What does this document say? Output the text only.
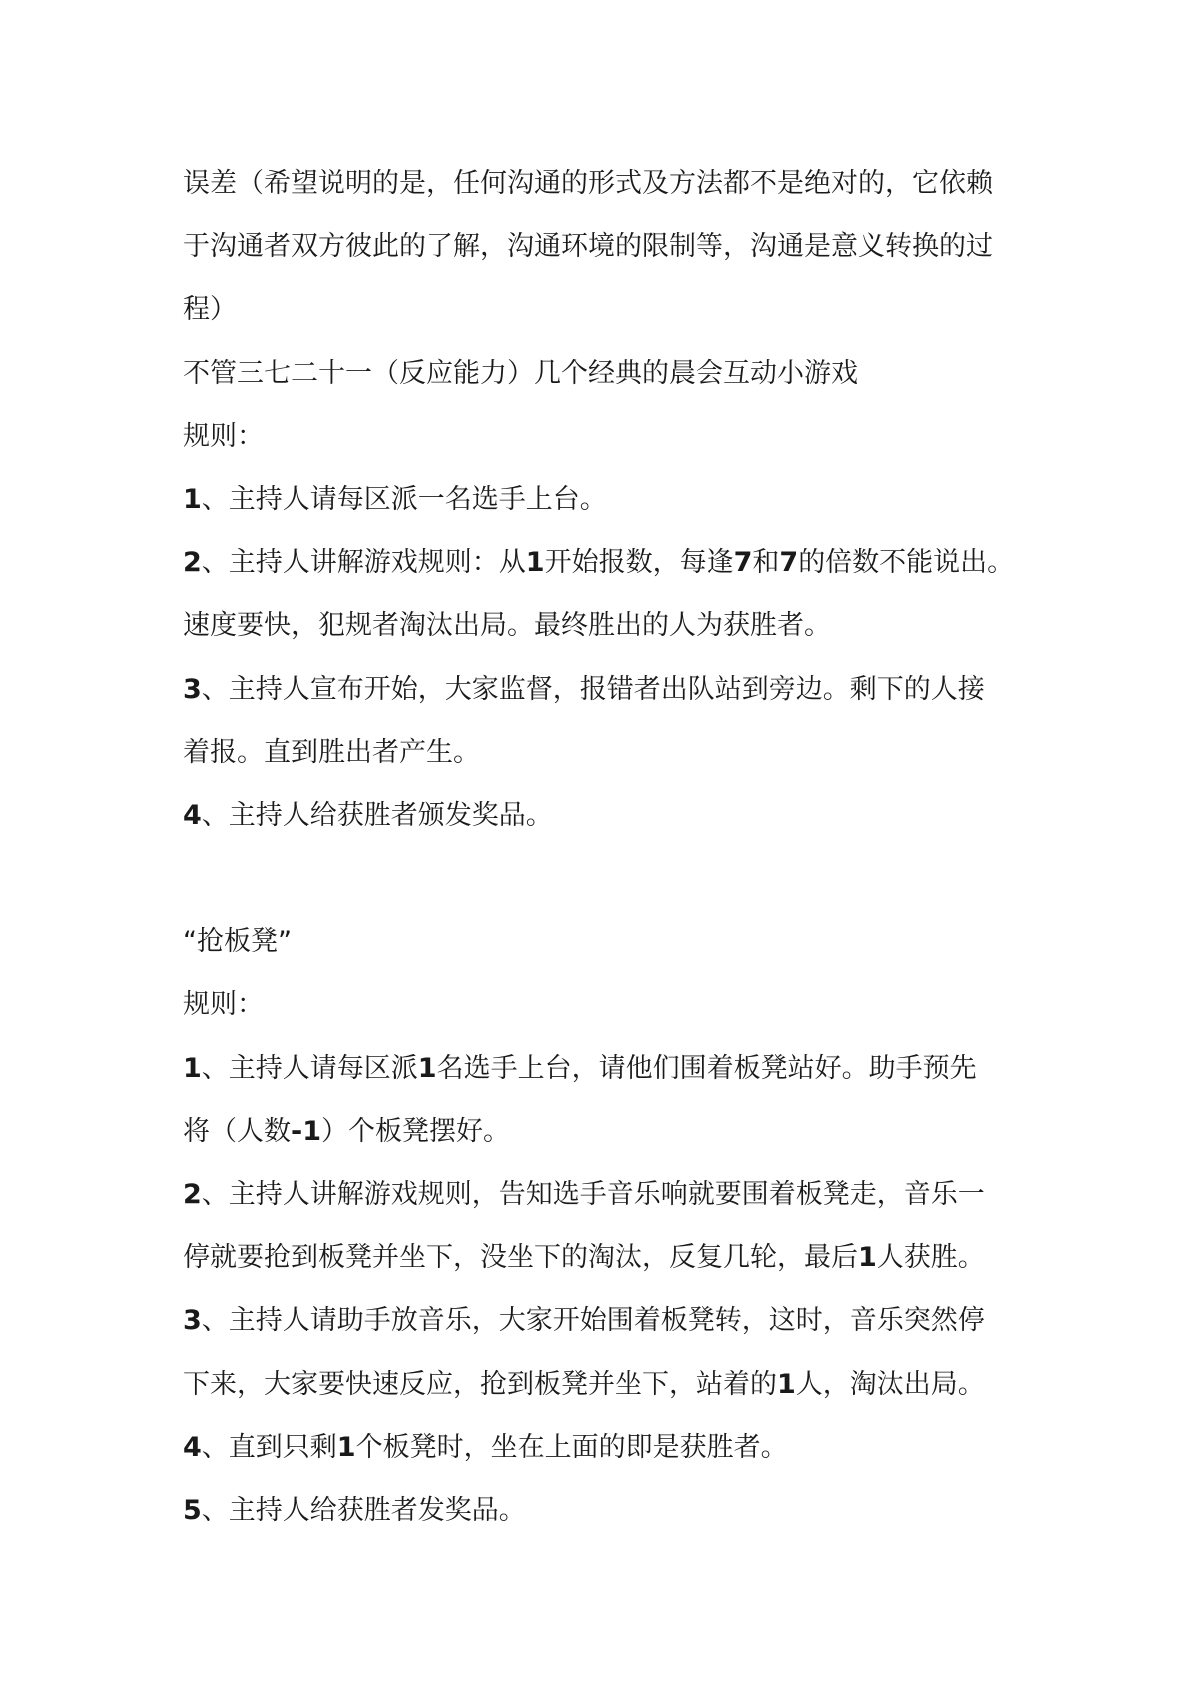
误差（希望说明的是，任何沟通的形式及方法都不是绝对的，它依赖
于沟通者双方彼此的了解，沟通环境的限制等，沟通是意义转换的过
程）
不管三七二十一（反应能力）几个经典的晨会互动小游戏
规则：
1、主持人请每区派一名选手上台。
2、主持人讲解游戏规则：从1开始报数，每逢7和7的倍数不能说出。
速度要快，犯规者淘汰出局。最终胜出的人为获胜者。
3、主持人宣布开始，大家监督，报错者出队站到旁边。剩下的人接
着报。直到胜出者产生。
4、主持人给获胜者颁发奖品。
“抢板凳”
规则：
1、主持人请每区派1名选手上台，请他们围着板凳站好。助手预先
将（人数-1）个板凳摆好。
2、主持人讲解游戏规则，告知选手音乐响就要围着板凳走，音乐一
停就要抢到板凳并坐下，没坐下的淘汰，反复几轮，最后1人获胜。
3、主持人请助手放音乐，大家开始围着板凳转，这时，音乐突然停
下来，大家要快速反应，抢到板凳并坐下，站着的1人，淘汰出局。
4、直到只剩1个板凳时，坐在上面的即是获胜者。
5、主持人给获胜者发奖品。
